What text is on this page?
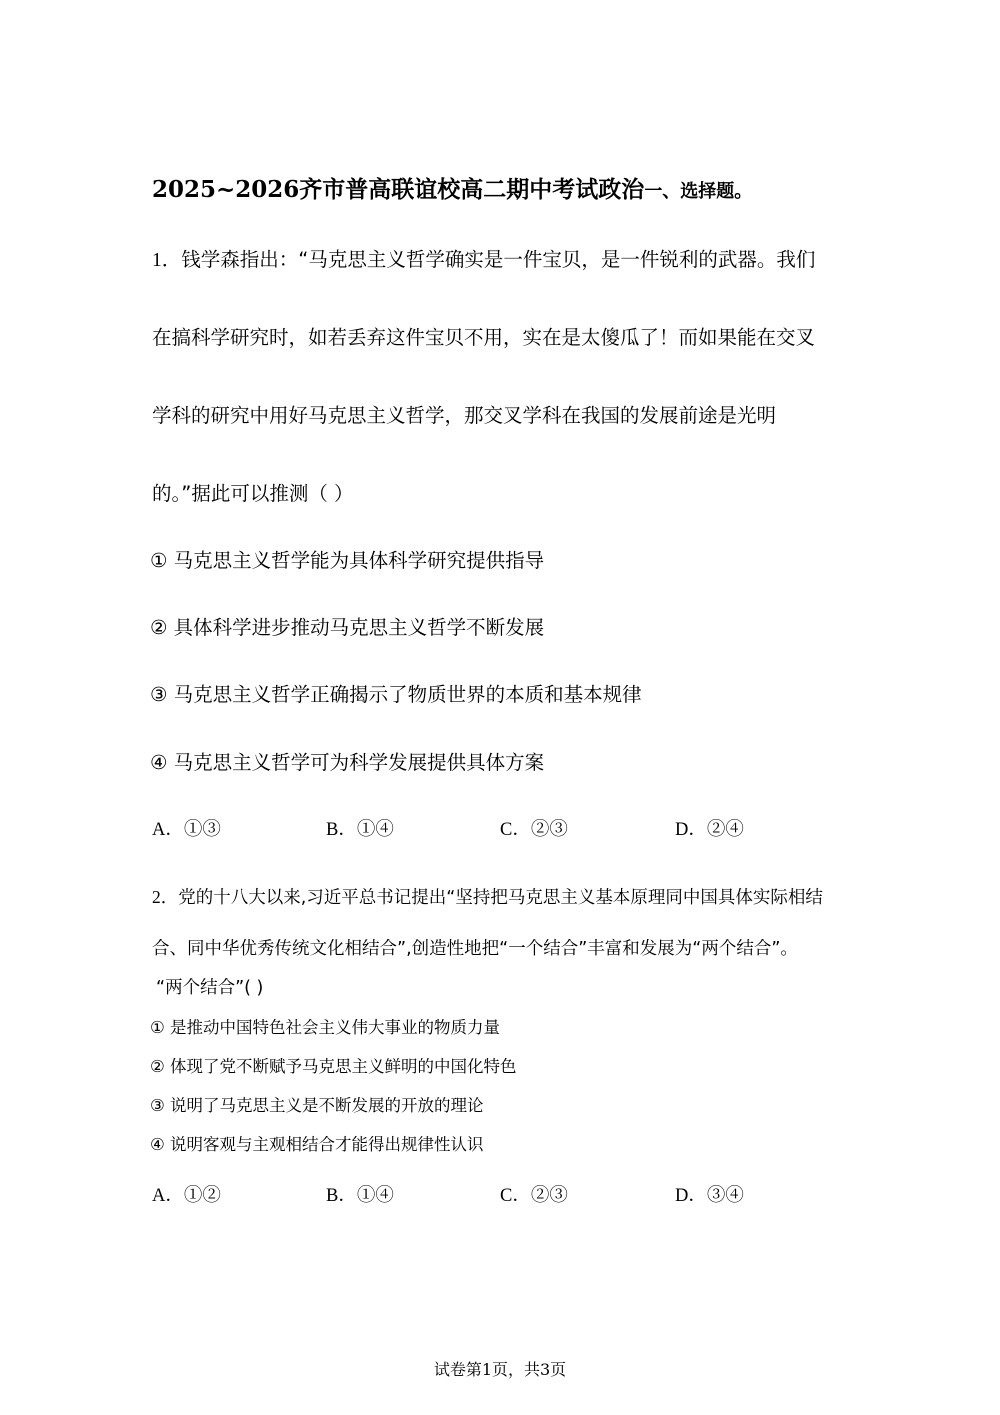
2025~2026齐市普高联谊校高二期中考试政治一、选择题。
1．钱学森指出：“马克思主义哲学确实是一件宝贝，是一件锐利的武器。我们
在搞科学研究时，如若丢弃这件宝贝不用，实在是太傻瓜了！而如果能在交叉
学科的研究中用好马克思主义哲学，那交叉学科在我国的发展前途是光明
的。”据此可以推测（ ）
① 马克思主义哲学能为具体科学研究提供指导
② 具体科学进步推动马克思主义哲学不断发展
③ 马克思主义哲学正确揭示了物质世界的本质和基本规律
④ 马克思主义哲学可为科学发展提供具体方案
A．①③	B．①④	C．②③	D．②④
2．党的十八大以来,习近平总书记提出“坚持把马克思主义基本原理同中国具体实际相结
合、同中华优秀传统文化相结合”,创造性地把“一个结合”丰富和发展为“两个结合”。
“两个结合”( )
① 是推动中国特色社会主义伟大事业的物质力量
② 体现了党不断赋予马克思主义鲜明的中国化特色
③ 说明了马克思主义是不断发展的开放的理论
④ 说明客观与主观相结合才能得出规律性认识
A．①②	B．①④	C．②③	D．③④
试卷第1页，共3页
